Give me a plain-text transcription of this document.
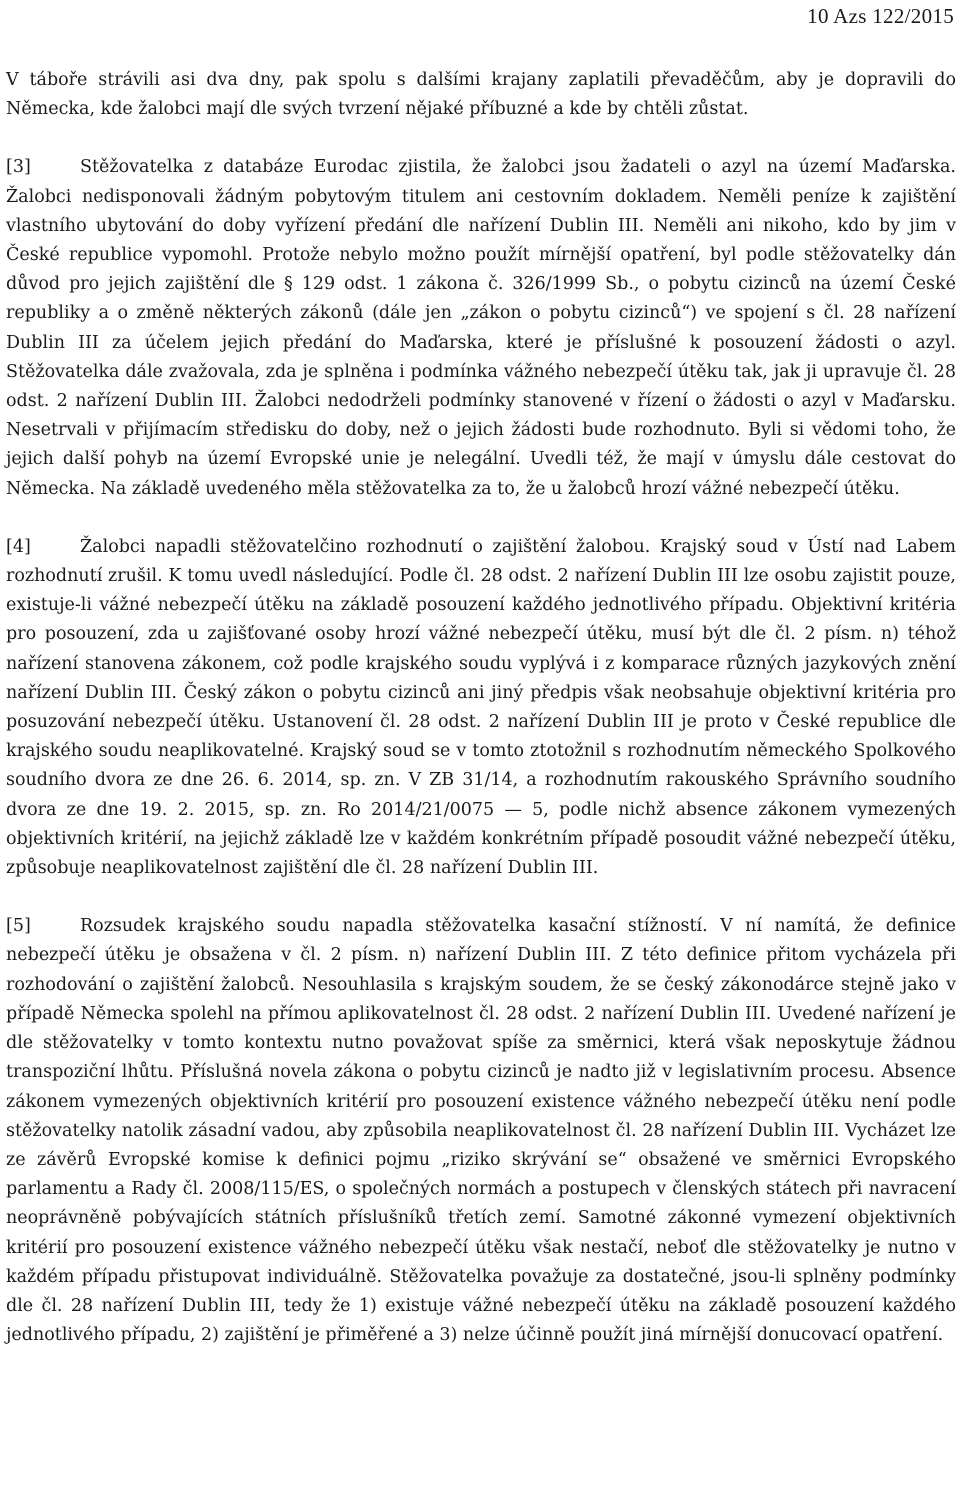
10 Azs 122/2015

V táboře strávili asi dva dny, pak spolu s dalšími krajany zaplatili převaděčům, aby je dopravili do Německa, kde žalobci mají dle svých tvrzení nějaké příbuzné a kde by chtěli zůstat.

[3]	Stěžovatelka z databáze Eurodac zjistila, že žalobci jsou žadateli o azyl na území Maďarska. Žalobci nedisponovali žádným pobytovým titulem ani cestovním dokladem. Neměli peníze k zajištění vlastního ubytování do doby vyřízení předání dle nařízení Dublin III. Neměli ani nikoho, kdo by jim v České republice vypomohl. Protože nebylo možno použít mírnější opatření, byl podle stěžovatelky dán důvod pro jejich zajištění dle § 129 odst. 1 zákona č. 326/1999 Sb., o pobytu cizinců na území České republiky a o změně některých zákonů (dále jen „zákon o pobytu cizinců“) ve spojení s čl. 28 nařízení Dublin III za účelem jejich předání do Maďarska, které je příslušné k posouzení žádosti o azyl. Stěžovatelka dále zvažovala, zda je splněna i podmínka vážného nebezpečí útěku tak, jak ji upravuje čl. 28 odst. 2 nařízení Dublin III. Žalobci nedodrželi podmínky stanovené v řízení o žádosti o azyl v Maďarsku. Nesetrvali v přijímacím středisku do doby, než o jejich žádosti bude rozhodnuto. Byli si vědomi toho, že jejich další pohyb na území Evropské unie je nelegální. Uvedli též, že mají v úmyslu dále cestovat do Německa. Na základě uvedeného měla stěžovatelka za to, že u žalobců hrozí vážné nebezpečí útěku.

[4]	Žalobci napadli stěžovatelčino rozhodnutí o zajištění žalobou. Krajský soud v Ústí nad Labem rozhodnutí zrušil. K tomu uvedl následující. Podle čl. 28 odst. 2 nařízení Dublin III lze osobu zajistit pouze, existuje-li vážné nebezpečí útěku na základě posouzení každého jednotlivého případu. Objektivní kritéria pro posouzení, zda u zajišťované osoby hrozí vážné nebezpečí útěku, musí být dle čl. 2 písm. n) téhož nařízení stanovena zákonem, což podle krajského soudu vyplývá i z komparace různých jazykových znění nařízení Dublin III. Český zákon o pobytu cizinců ani jiný předpis však neobsahuje objektivní kritéria pro posuzování nebezpečí útěku. Ustanovení čl. 28 odst. 2 nařízení Dublin III je proto v České republice dle krajského soudu neaplikovatelné. Krajský soud se v tomto ztotožnil s rozhodnutím německého Spolkového soudního dvora ze dne 26. 6. 2014, sp. zn. V ZB 31/14, a rozhodnutím rakouského Správního soudního dvora ze dne 19. 2. 2015, sp. zn. Ro 2014/21/0075 — 5, podle nichž absence zákonem vymezených objektivních kritérií, na jejichž základě lze v každém konkrétním případě posoudit vážné nebezpečí útěku, způsobuje neaplikovatelnost zajištění dle čl. 28 nařízení Dublin III.

[5]	Rozsudek krajského soudu napadla stěžovatelka kasační stížností. V ní namítá, že definice nebezpečí útěku je obsažena v čl. 2 písm. n) nařízení Dublin III. Z této definice přitom vycházela při rozhodování o zajištění žalobců. Nesouhlasila s krajským soudem, že se český zákonodárce stejně jako v případě Německa spolehl na přímou aplikovatelnost čl. 28 odst. 2 nařízení Dublin III. Uvedené nařízení je dle stěžovatelky v tomto kontextu nutno považovat spíše za směrnici, která však neposkytuje žádnou transpoziční lhůtu. Příslušná novela zákona o pobytu cizinců je nadto již v legislativním procesu. Absence zákonem vymezených objektivních kritérií pro posouzení existence vážného nebezpečí útěku není podle stěžovatelky natolik zásadní vadou, aby způsobila neaplikovatelnost čl. 28 nařízení Dublin III. Vycházet lze ze závěrů Evropské komise k definici pojmu „riziko skrývání se“ obsažené ve směrnici Evropského parlamentu a Rady čl. 2008/115/ES, o společných normách a postupech v členských státech při navracení neoprávněně pobývajících státních příslušníků třetích zemí. Samotné zákonné vymezení objektivních kritérií pro posouzení existence vážného nebezpečí útěku však nestačí, neboť dle stěžovatelky je nutno v každém případu přistupovat individuálně. Stěžovatelka považuje za dostatečné, jsou-li splněny podmínky dle čl. 28 nařízení Dublin III, tedy že 1) existuje vážné nebezpečí útěku na základě posouzení každého jednotlivého případu, 2) zajištění je přiměřené a 3) nelze účinně použít jiná mírnější donucovací opatření.
